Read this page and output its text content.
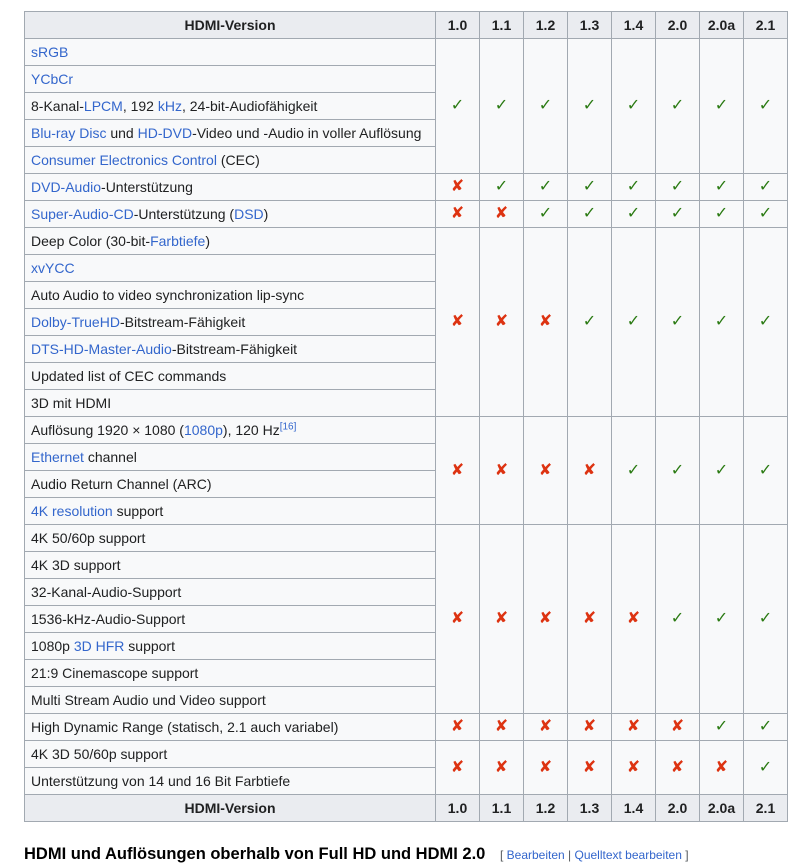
HDMI-Version	1.0	1.1	1.2	1.3	1.4	2.0	2.0a	2.1
sRGB	✓	✓	✓	✓	✓	✓	✓	✓
YCbCr								
8-Kanal-LPCM, 192 kHz, 24-bit-Audiofähigkeit								
Blu-ray Disc und HD-DVD-Video und -Audio in voller Auflösung								
Consumer Electronics Control (CEC)								
DVD-Audio-Unterstützung	✘	✓	✓	✓	✓	✓	✓	✓
Super-Audio-CD-Unterstützung (DSD)	✘	✘	✓	✓	✓	✓	✓	✓
Deep Color (30-bit-Farbtiefe)	✘	✘	✘	✓	✓	✓	✓	✓
xvYCC								
Auto Audio to video synchronization lip-sync								
Dolby-TrueHD-Bitstream-Fähigkeit								
DTS-HD-Master-Audio-Bitstream-Fähigkeit								
Updated list of CEC commands								
3D mit HDMI								
Auflösung 1920 × 1080 (1080p), 120 Hz[16]	✘	✘	✘	✘	✓	✓	✓	✓
Ethernet channel								
Audio Return Channel (ARC)								
4K resolution support								
4K 50/60p support	✘	✘	✘	✘	✘	✓	✓	✓
4K 3D support								
32-Kanal-Audio-Support								
1536-kHz-Audio-Support								
1080p 3D HFR support								
21:9 Cinemascope support								
Multi Stream Audio und Video support								
High Dynamic Range (statisch, 2.1 auch variabel)	✘	✘	✘	✘	✘	✘	✓	✓
4K 3D 50/60p support	✘	✘	✘	✘	✘	✘	✘	✓
Unterstützung von 14 und 16 Bit Farbtiefe								
HDMI-Version	1.0	1.1	1.2	1.3	1.4	2.0	2.0a	2.1
HDMI und Auflösungen oberhalb von Full HD und HDMI 2.0 [ Bearbeiten | Quelltext bearbeiten ]
